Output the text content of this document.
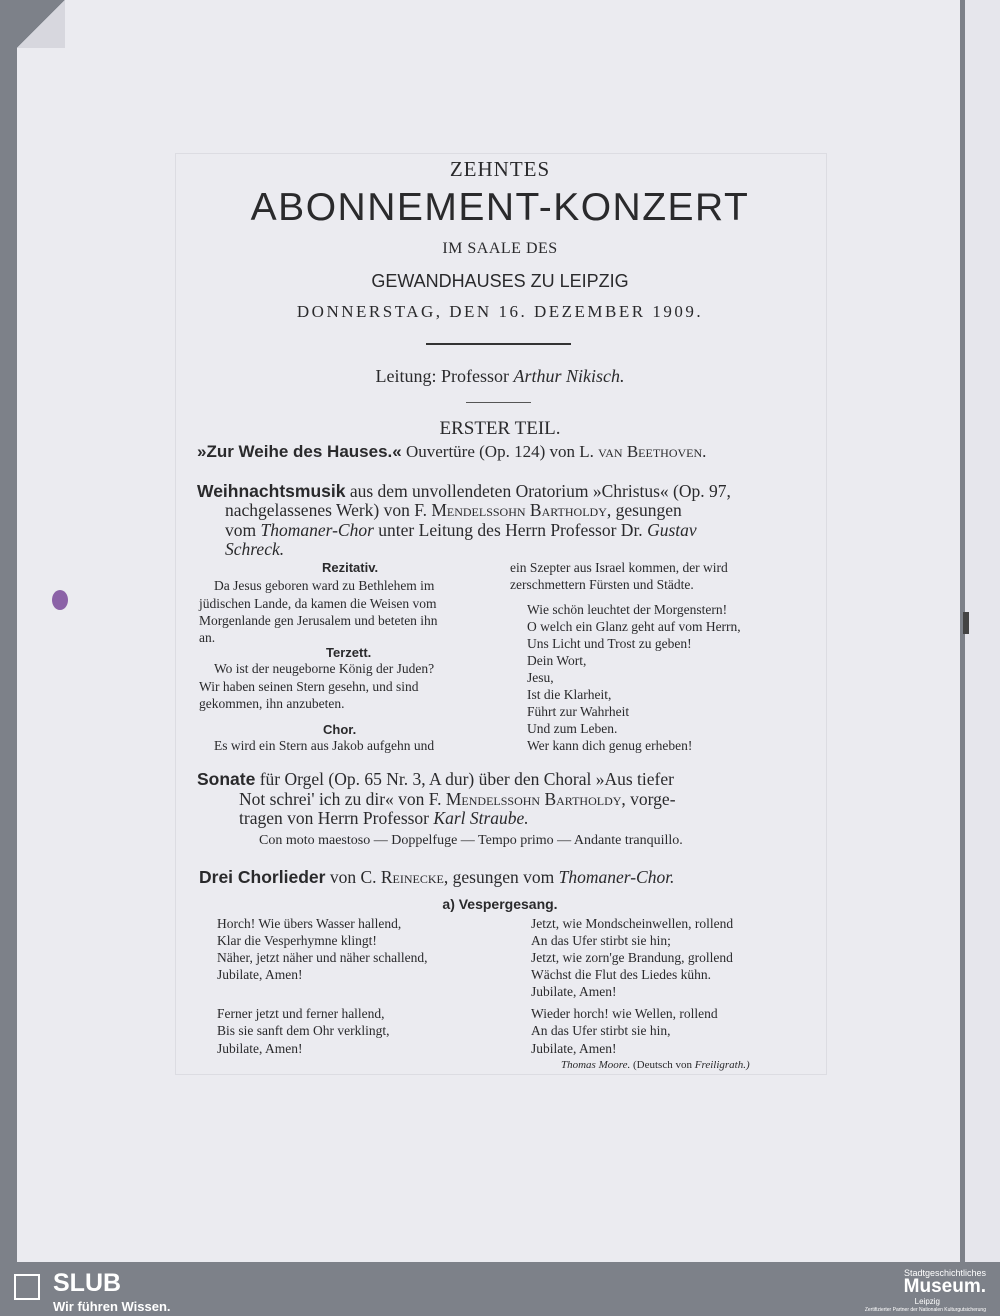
ZEHNTES
ABONNEMENT-KONZERT
IM SAALE DES
GEWANDHAUSES ZU LEIPZIG
DONNERSTAG, DEN 16. DEZEMBER 1909.
Leitung: Professor Arthur Nikisch.
ERSTER TEIL.
»Zur Weihe des Hauses.« Ouvertüre (Op. 124) von L. van Beethoven.
Weihnachtsmusik aus dem unvollendeten Oratorium »Christus« (Op. 97,
nachgelassenes Werk) von F. Mendelssohn Bartholdy, gesungen
vom Thomaner-Chor unter Leitung des Herrn Professor Dr. Gustav
Schreck.
Rezitativ.
Da Jesus geboren ward zu Bethlehem im
jüdischen Lande, da kamen die Weisen vom
Morgenlande gen Jerusalem und beteten ihn
an.
Terzett.
Wo ist der neugeborne König der Juden?
Wir haben seinen Stern gesehn, und sind
gekommen, ihn anzubeten.
Chor.
Es wird ein Stern aus Jakob aufgehn und
ein Szepter aus Israel kommen, der wird
zerschmettern Fürsten und Städte.
Wie schön leuchtet der Morgenstern!
O welch ein Glanz geht auf vom Herrn,
Uns Licht und Trost zu geben!
Dein Wort,
Jesu,
Ist die Klarheit,
Führt zur Wahrheit
Und zum Leben.
Wer kann dich genug erheben!
Sonate für Orgel (Op. 65 Nr. 3, A dur) über den Choral »Aus tiefer
Not schrei' ich zu dir« von F. Mendelssohn Bartholdy, vorge-
tragen von Herrn Professor Karl Straube.
Con moto maestoso — Doppelfuge — Tempo primo — Andante tranquillo.
Drei Chorlieder von C. Reinecke, gesungen vom Thomaner-Chor.
a) Vespergesang.
Horch! Wie übers Wasser hallend,
Klar die Vesperhymne klingt!
Näher, jetzt näher und näher schallend,
Jubilate, Amen!
Ferner jetzt und ferner hallend,
Bis sie sanft dem Ohr verklingt,
Jubilate, Amen!
Jetzt, wie Mondscheinwellen, rollend
An das Ufer stirbt sie hin;
Jetzt, wie zorn'ge Brandung, grollend
Wächst die Flut des Liedes kühn.
Jubilate, Amen!
Wieder horch! wie Wellen, rollend
An das Ufer stirbt sie hin,
Jubilate, Amen!
Thomas Moore. (Deutsch von Freiligrath.)
SLUB
Wir führen Wissen.
Stadtgeschichtliches
Museum.
Leipzig
Zertifizierter Partner der Nationalen Kulturgutsicherung
